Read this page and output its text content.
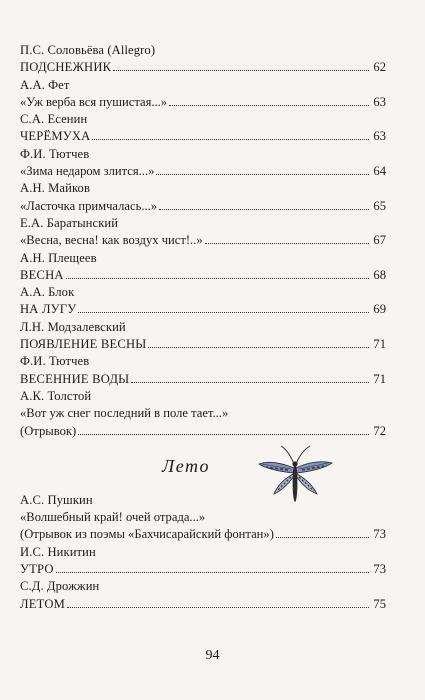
П.С. Соловьёва (Allegro)
ПОДСНЕЖНИК	62
А.А. Фет
«Уж верба вся пушистая...»	63
С.А. Есенин
ЧЕРЁМУХА	63
Ф.И. Тютчев
«Зима недаром злится...»	64
А.Н. Майков
«Ласточка примчалась...»	65
Е.А. Баратынский
«Весна, весна! как воздух чист!..»	67
А.Н. Плещеев
ВЕСНА	68
А.А. Блок
НА ЛУГУ	69
Л.Н. Модзалевский
ПОЯВЛЕНИЕ ВЕСНЫ	71
Ф.И. Тютчев
ВЕСЕННИЕ ВОДЫ	71
А.К. Толстой
«Вот уж снег последний в поле тает...»
(Отрывок)	72
Лето
А.С. Пушкин
«Волшебный край! очей отрада...»
(Отрывок из поэмы «Бахчисарайский фонтан»)	73
И.С. Никитин
УТРО	73
С.Д. Дрожжин
ЛЕТОМ	75
94
